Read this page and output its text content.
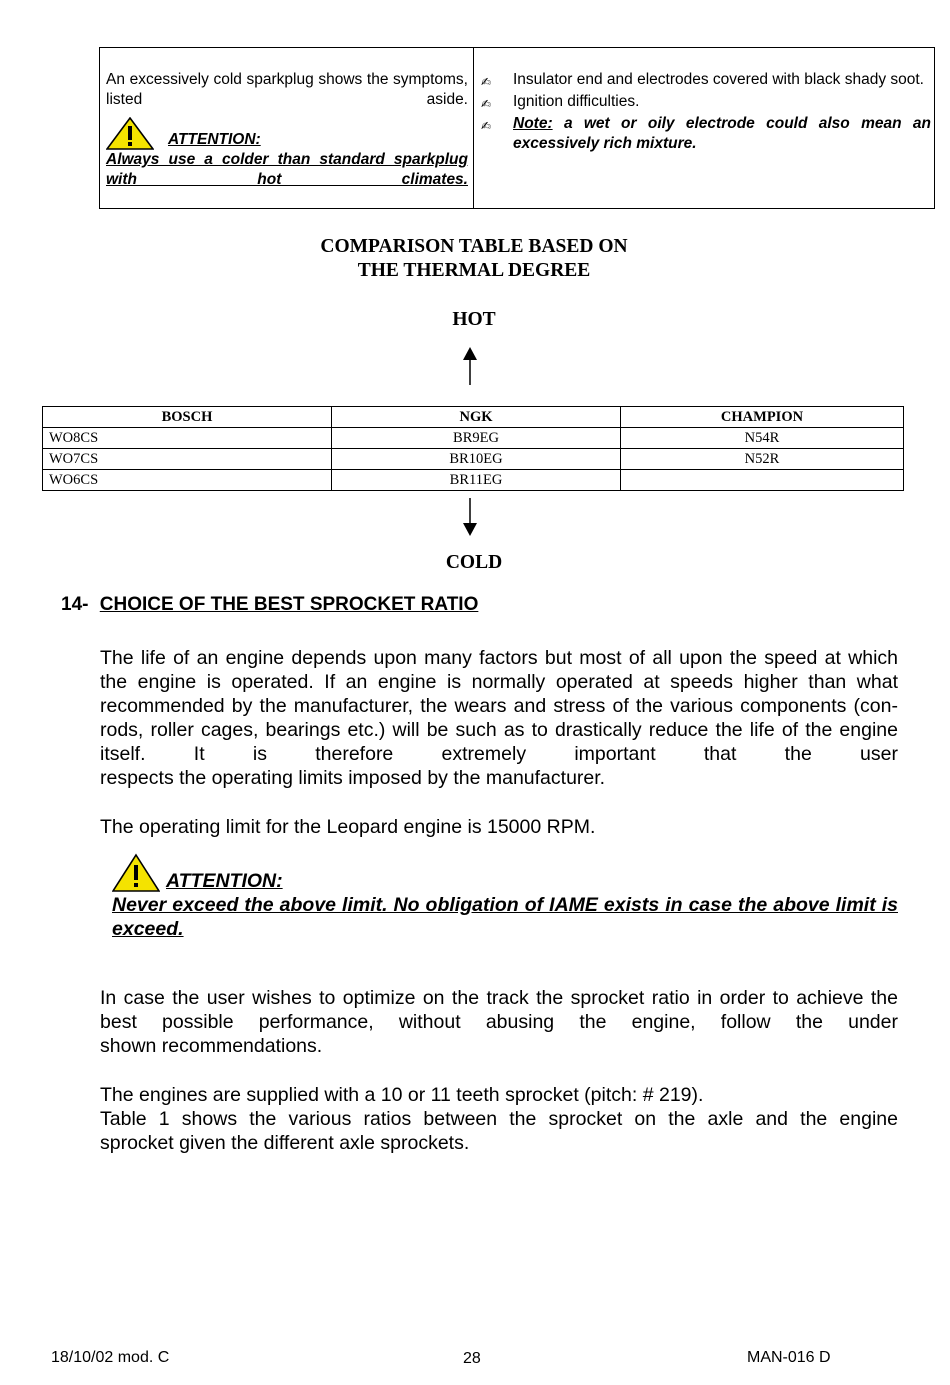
An excessively cold sparkplug shows the symptoms, listed aside.
ATTENTION:
Always use a colder than standard sparkplug with hot climates.
✍	Insulator end and electrodes covered with black shady soot.
✍	Ignition difficulties.
✍	Note: a wet or oily electrode could also mean an excessively rich mixture.
COMPARISON TABLE BASED ON
THE THERMAL DEGREE
HOT
BOSCH	NGK	CHAMPION
WO8CS	BR9EG	N54R
WO7CS	BR10EG	N52R
WO6CS	BR11EG	
COLD
14- CHOICE OF THE BEST SPROCKET RATIO
The life of an engine depends upon many factors but most of all upon the speed at which the engine is operated. If an engine is normally operated at speeds higher than what recommended by the manufacturer, the wears and stress of the various components (con-rods, roller cages, bearings etc.) will be such as to drastically reduce the life of the engine itself. It is therefore extremely important that the user
respects the operating limits imposed by the manufacturer.
The operating limit for the Leopard engine is 15000 RPM.
ATTENTION:
Never exceed the above limit. No obligation of IAME exists in case the above limit is exceed.
In case the user wishes to optimize on the track the sprocket ratio in order to achieve the best possible performance, without abusing the engine, follow the under
shown recommendations.
The engines are supplied with a 10 or 11 teeth sprocket (pitch: # 219).
Table 1 shows the various ratios between the sprocket on the axle and the engine
sprocket given the different axle sprockets.
18/10/02 mod. C	28	MAN-016 D
